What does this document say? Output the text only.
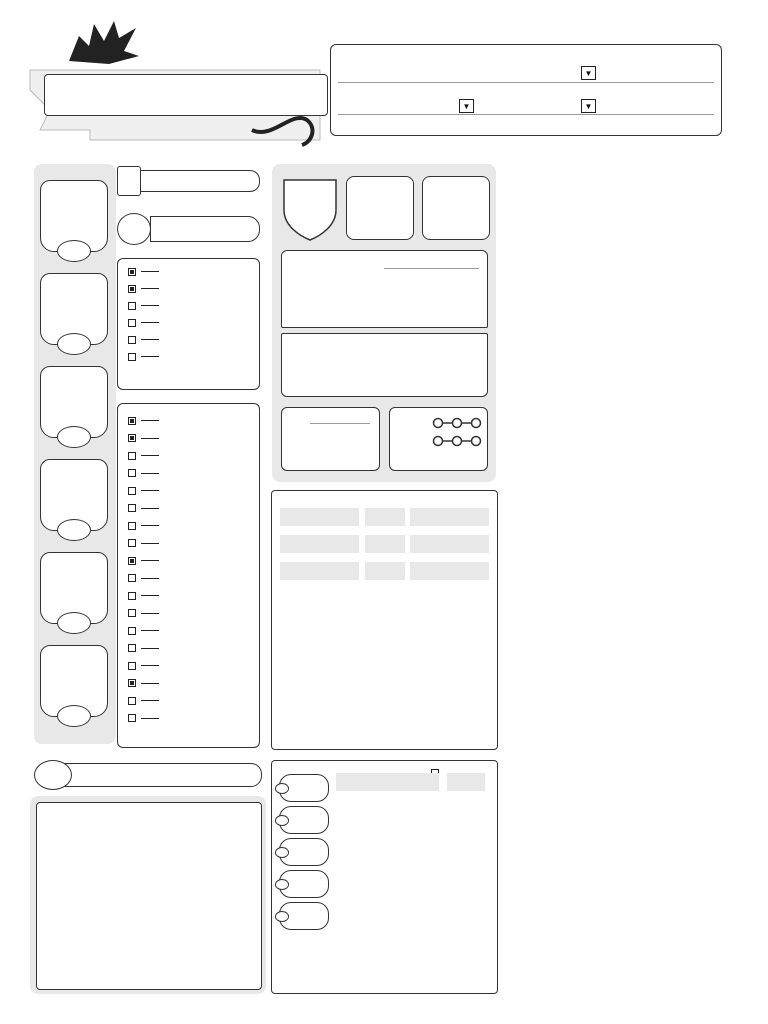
▼
▼	▼
